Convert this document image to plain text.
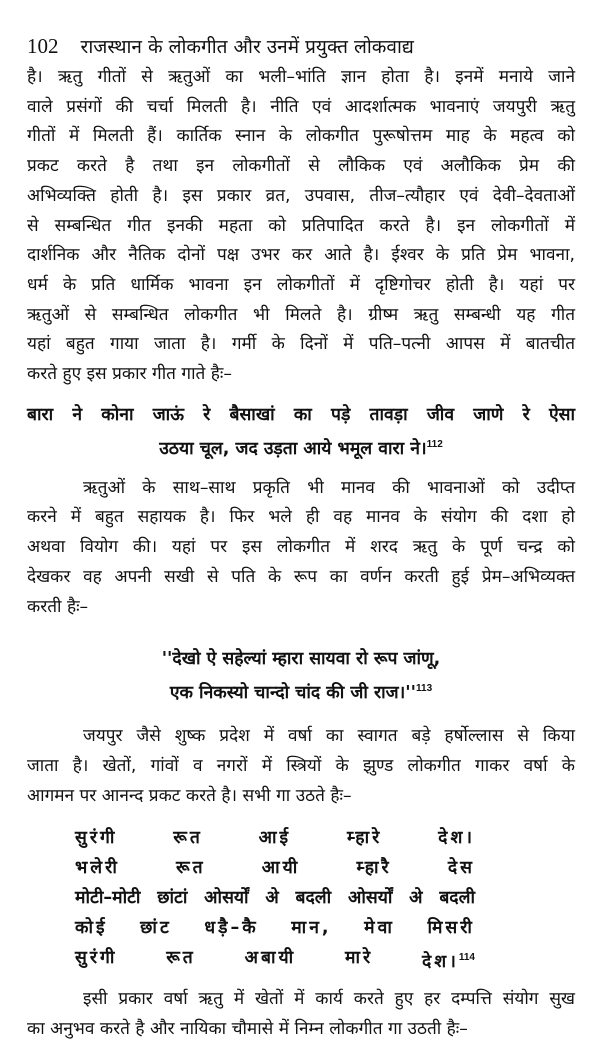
102 राजस्थान के लोकगीत और उनमें प्रयुक्त लोकवाद्य

है। ऋतु गीतों से ऋतुओं का भली–भांति ज्ञान होता है। इनमें मनाये जाने
वाले प्रसंगों की चर्चा मिलती है। नीति एवं आदर्शात्मक भावनाएं जयपुरी ऋतु
गीतों में मिलती हैं। कार्तिक स्नान के लोकगीत पुरूषोत्तम माह के महत्व को
प्रकट करते है तथा इन लोकगीतों से लौकिक एवं अलौकिक प्रेम की
अभिव्यक्ति होती है। इस प्रकार व्रत, उपवास, तीज–त्यौहार एवं देवी–देवताओं
से सम्बन्धित गीत इनकी महता को प्रतिपादित करते है। इन लोकगीतों में
दार्शनिक और नैतिक दोनों पक्ष उभर कर आते है। ईश्वर के प्रति प्रेम भावना,
धर्म के प्रति धार्मिक भावना इन लोकगीतों में दृष्टिगोचर होती है। यहां पर
ऋतुओं से सम्बन्धित लोकगीत भी मिलते है। ग्रीष्म ऋतु सम्बन्धी यह गीत
यहां बहुत गाया जाता है। गर्मी के दिनों में पति–पत्नी आपस में बातचीत
करते हुए इस प्रकार गीत गाते हैः–

बारा ने कोना जाऊं रे बैसाखां का पड़े तावड़ा जीव जाणे रे ऐसा
उठया चूल, जद उड़ता आये भमूल वारा ने।$^{112}$

ऋतुओं के साथ–साथ प्रकृति भी मानव की भावनाओं को उदीप्त
करने में बहुत सहायक है। फिर भले ही वह मानव के संयोग की दशा हो
अथवा वियोग की। यहां पर इस लोकगीत में शरद ऋतु के पूर्ण चन्द्र को
देखकर वह अपनी सखी से पति के रूप का वर्णन करती हुई प्रेम–अभिव्यक्त
करती हैः–

''देखो ऐ सहेल्यां म्हारा सायवा रो रूप जांणू,
एक निकस्यो चान्दो चांद की जी राज।''$^{113}$

जयपुर जैसे शुष्क प्रदेश में वर्षा का स्वागत बड़े हर्षोल्लास से किया
जाता है। खेतों, गांवों व नगरों में स्त्रियों के झुण्ड लोकगीत गाकर वर्षा के
आगमन पर आनन्द प्रकट करते है। सभी गा उठते हैः–

सुरंगी	रूत	आई	म्हारे	देश।
भलेरी	रूत	आयी	म्हारै	देस
मोटी–मोटी छांटां ओसर्यों अे बदली ओसर्यों अे बदली
कोई छांट धड़ै–कै मान, मेवा मिसरी
सुरंगी	रूत	अबायी	मारे	देश।$^{114}$

इसी प्रकार वर्षा ऋतु में खेतों में कार्य करते हुए हर दम्पत्ति संयोग सुख
का अनुभव करते है और नायिका चौमासे में निम्न लोकगीत गा उठती हैः–
